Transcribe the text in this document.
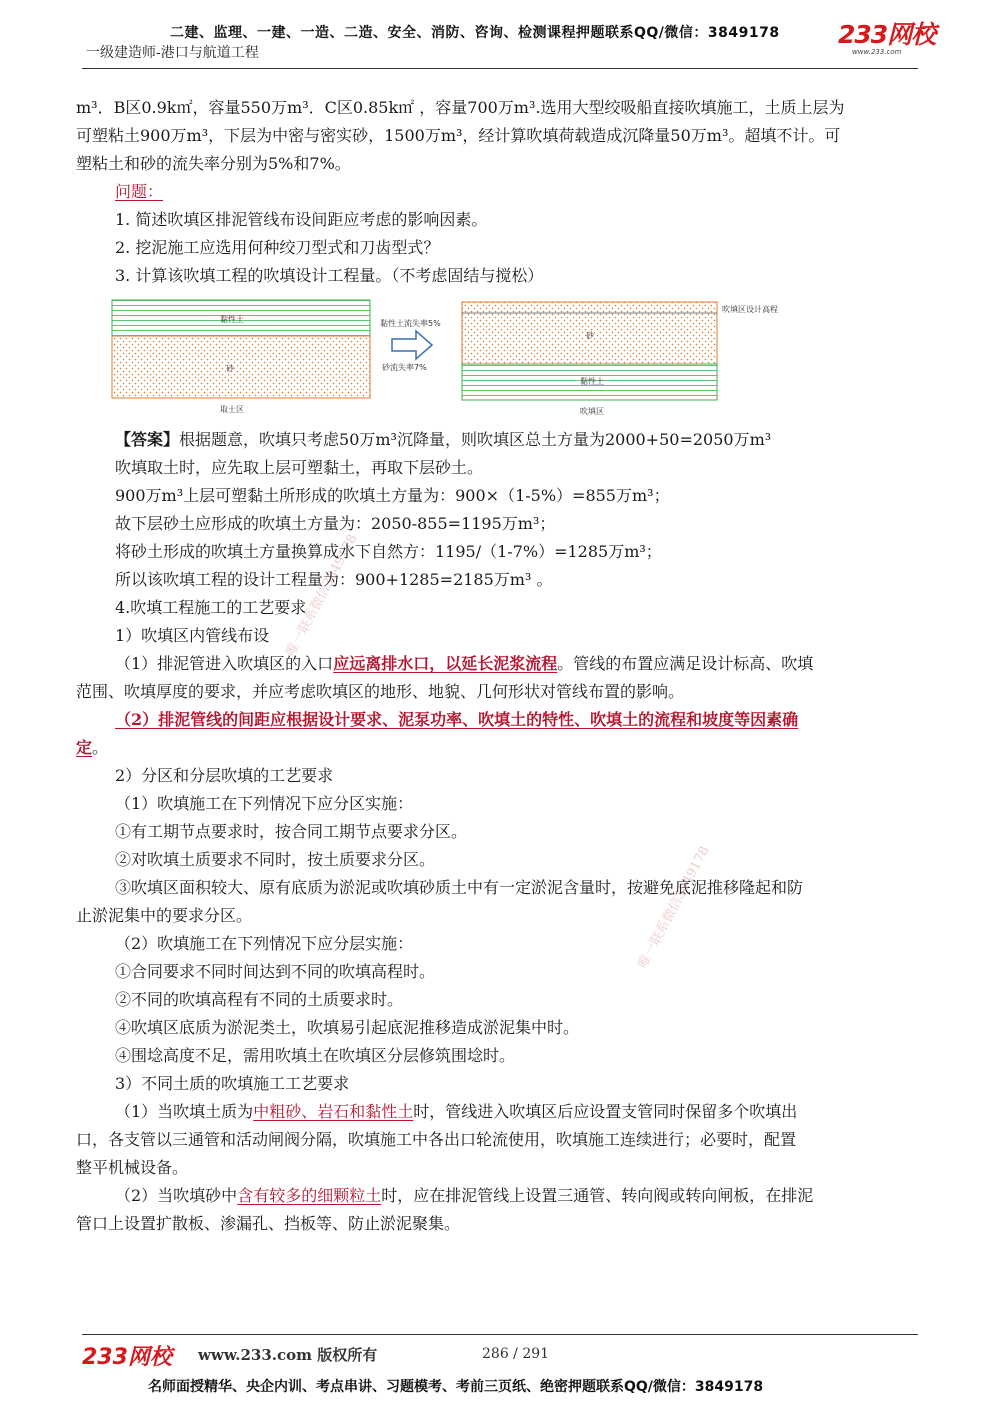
二建、监理、一建、一造、二造、安全、消防、咨询、检测课程押题联系QQ/微信：3849178
一级建造师-港口与航道工程
233网校
www.233.com
m³．B区0.9k㎡，容量550万m³．C区0.85k㎡ ，容量700万m³.选用大型绞吸船直接吹填施工，土质上层为
可塑粘土900万m³，下层为中密与密实砂，1500万m³，经计算吹填荷载造成沉降量50万m³。超填不计。可
塑粘土和砂的流失率分别为5%和7%。
问题：
1. 简述吹填区排泥管线布设间距应考虑的影响因素。
2. 挖泥施工应选用何种绞刀型式和刀齿型式？
3. 计算该吹填工程的吹填设计工程量。（不考虑固结与搅松）
黏性土
砂
取土区
黏性土流失率5%
砂流失率7%
吹填区设计高程
砂
黏性土
吹填区
【答案】根据题意，吹填只考虑50万m³沉降量，则吹填区总土方量为2000+50=2050万m³
吹填取土时，应先取上层可塑黏土，再取下层砂土。
900万m³上层可塑黏土所形成的吹填土方量为：900×（1-5%）=855万m³；
故下层砂土应形成的吹填土方量为：2050-855=1195万m³；
将砂土形成的吹填土方量换算成水下自然方：1195/（1-7%）=1285万m³；
所以该吹填工程的设计工程量为：900+1285=2185万m³ 。
4.吹填工程施工的工艺要求
1）吹填区内管线布设
（1）排泥管进入吹填区的入口应远离排水口，以延长泥浆流程。管线的布置应满足设计标高、吹填
范围、吹填厚度的要求，并应考虑吹填区的地形、地貌、几何形状对管线布置的影响。
（2）排泥管线的间距应根据设计要求、泥泵功率、吹填土的特性、吹填土的流程和坡度等因素确
定。
2）分区和分层吹填的工艺要求
（1）吹填施工在下列情况下应分区实施：
①有工期节点要求时，按合同工期节点要求分区。
②对吹填土质要求不同时，按土质要求分区。
③吹填区面积较大、原有底质为淤泥或吹填砂质土中有一定淤泥含量时，按避免底泥推移隆起和防
止淤泥集中的要求分区。
（2）吹填施工在下列情况下应分层实施：
①合同要求不同时间达到不同的吹填高程时。
②不同的吹填高程有不同的土质要求时。
④吹填区底质为淤泥类土，吹填易引起底泥推移造成淤泥集中时。
④围埝高度不足，需用吹填土在吹填区分层修筑围埝时。
3）不同土质的吹填施工工艺要求
（1）当吹填土质为中粗砂、岩石和黏性土时，管线进入吹填区后应设置支管同时保留多个吹填出
口，各支管以三通管和活动闸阀分隔，吹填施工中各出口轮流使用，吹填施工连续进行；必要时，配置
整平机械设备。
（2）当吹填砂中含有较多的细颗粒土时，应在排泥管线上设置三通管、转向阀或转向闸板，在排泥
管口上设置扩散板、渗漏孔、挡板等、防止淤泥聚集。
唯一联系微信3849178
唯一联系微信3849178
233网校 www.233.com 版权所有	286 / 291
名师面授精华、央企内训、考点串讲、习题模考、考前三页纸、绝密押题联系QQ/微信：3849178
